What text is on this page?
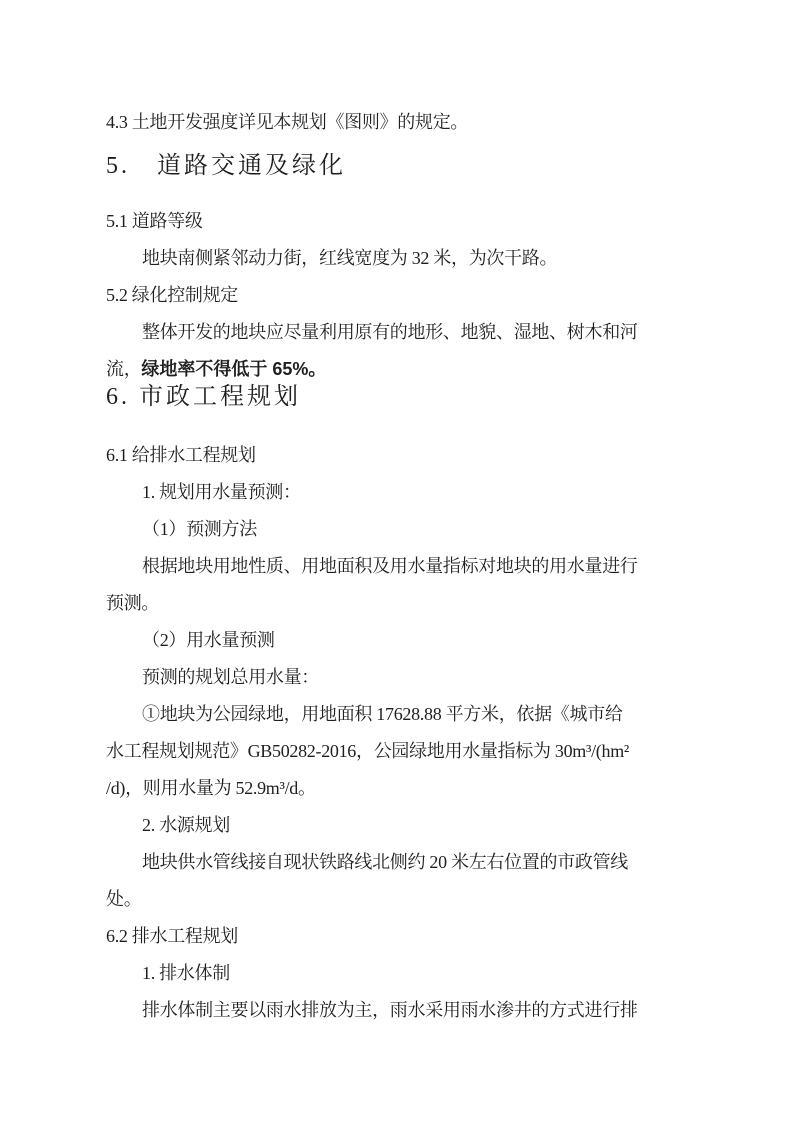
4.3 土地开发强度详见本规划《图则》的规定。
5.　道路交通及绿化
5.1 道路等级
地块南侧紧邻动力街，红线宽度为 32 米，为次干路。
5.2 绿化控制规定
整体开发的地块应尽量利用原有的地形、地貌、湿地、树木和河
流，绿地率不得低于 65%。
6. 市政工程规划
6.1 给排水工程规划
1. 规划用水量预测：
（1）预测方法
根据地块用地性质、用地面积及用水量指标对地块的用水量进行
预测。
（2）用水量预测
预测的规划总用水量：
①地块为公园绿地，用地面积 17628.88 平方米，依据《城市给
水工程规划规范》GB50282-2016，公园绿地用水量指标为 30m³/(hm²
/d)，则用水量为 52.9m³/d。
2. 水源规划
地块供水管线接自现状铁路线北侧约 20 米左右位置的市政管线
处。
6.2 排水工程规划
1. 排水体制
排水体制主要以雨水排放为主，雨水采用雨水渗井的方式进行排
